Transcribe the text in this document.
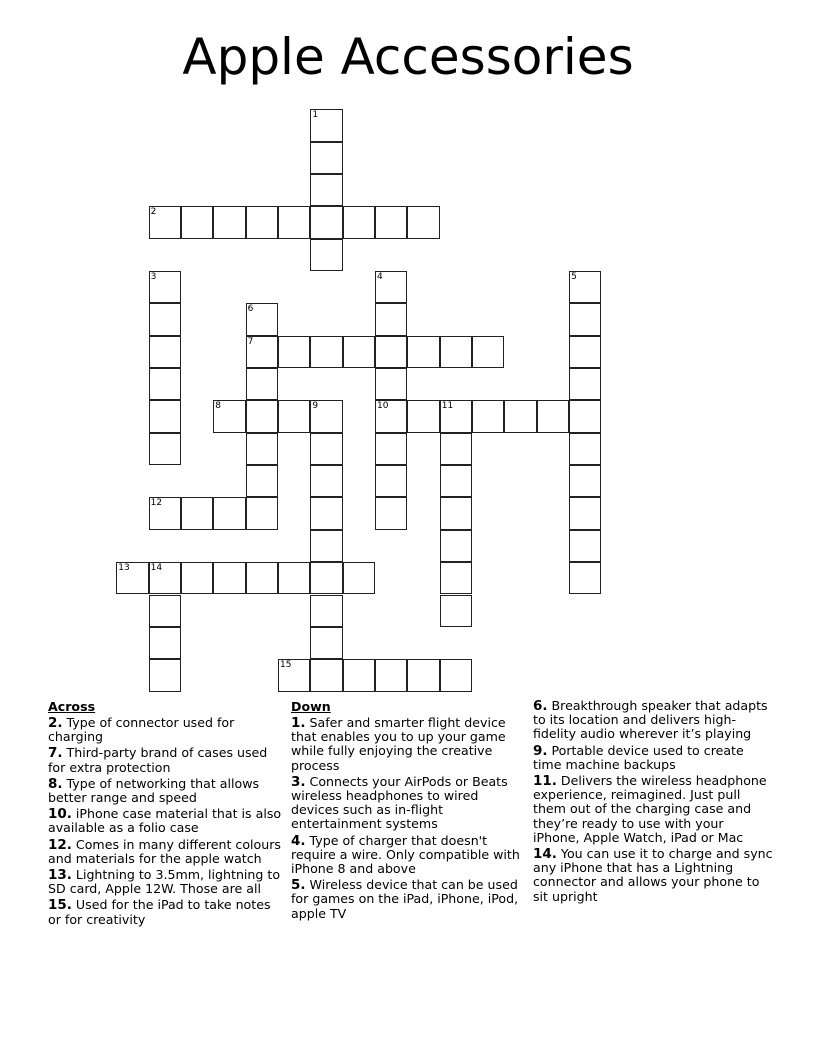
Apple Accessories
1
2
3	4
10
5
6
7
8	9	11
12
13 14
15
Across
2. Type of connector used for charging
7. Third-party brand of cases used for extra protection
8. Type of networking that allows better range and speed
10. iPhone case material that is also available as a folio case
12. Comes in many different colours and materials for the apple watch
13. Lightning to 3.5mm, lightning to SD card, Apple 12W. Those are all
15. Used for the iPad to take notes or for creativity
Down
1. Safer and smarter flight device that enables you to up your game while fully enjoying the creative process
3. Connects your AirPods or Beats wireless headphones to wired devices such as in-flight entertainment systems
4. Type of charger that doesn't require a wire. Only compatible with iPhone 8 and above
5. Wireless device that can be used for games on the iPad, iPhone, iPod, apple TV
6. Breakthrough speaker that adapts to its location and delivers high-fidelity audio wherever it’s playing
9. Portable device used to create time machine backups
11. Delivers the wireless headphone experience, reimagined. Just pull them out of the charging case and they’re ready to use with your iPhone, Apple Watch, iPad or Mac
14. You can use it to charge and sync any iPhone that has a Lightning connector and allows your phone to sit upright
